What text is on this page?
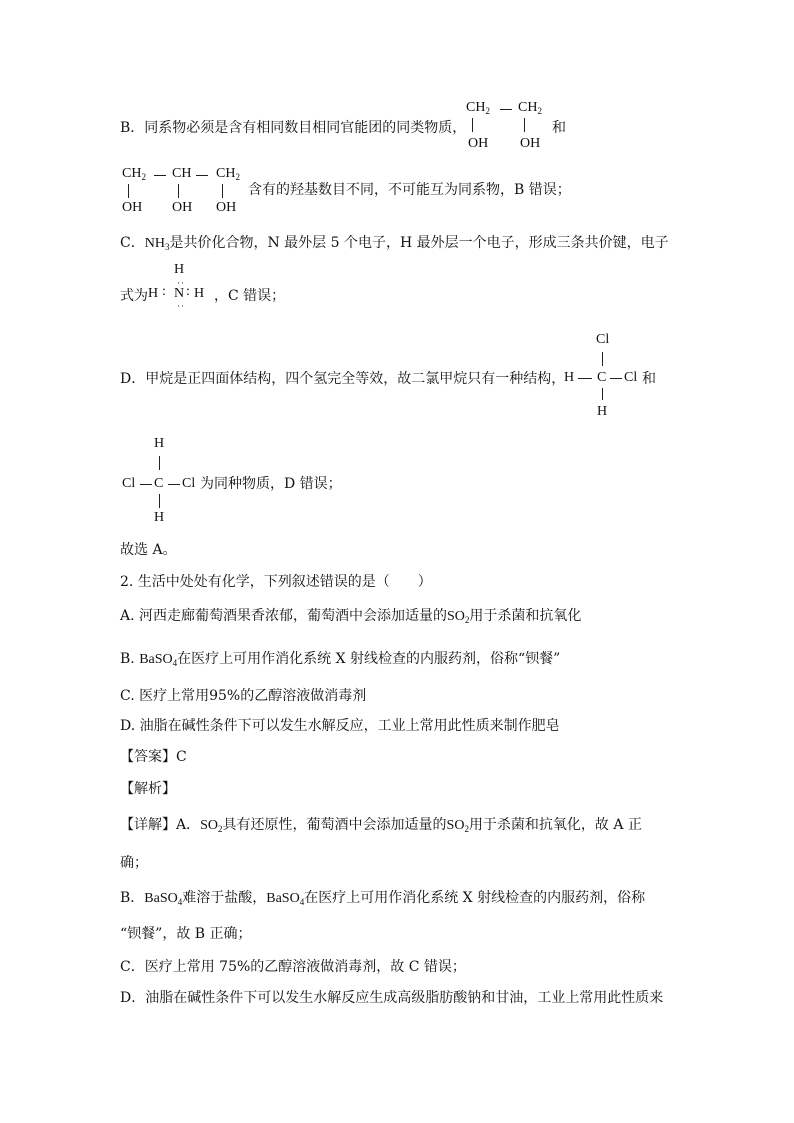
B．同系物必须是含有相同数目相同官能团的同类物质，
$CH_2$ $CH_2$
OH OH
和
$CH_2$ CH $CH_2$
OH OH OH
含有的羟基数目不同，不可能互为同系物，B 错误；
C．$NH_3$是共价化合物，N 最外层 5 个电子，H 最外层一个电子，形成三条共价键，电子
式为
H
··
H : N : H
··
，C 错误；
D．甲烷是正四面体结构，四个氢完全等效，故二氯甲烷只有一种结构，
Cl
H C Cl
H
和
H
Cl C Cl
H
为同种物质，D 错误；
故选 A。
2. 生活中处处有化学，下列叙述错误的是（　　）
A. 河西走廊葡萄酒果香浓郁，葡萄酒中会添加适量的$SO_2$用于杀菌和抗氧化
B. BaSO$_4$在医疗上可用作消化系统 X 射线检查的内服药剂，俗称“钡餐”
C. 医疗上常用95%的乙醇溶液做消毒剂
D. 油脂在碱性条件下可以发生水解反应，工业上常用此性质来制作肥皂
【答案】C
【解析】
【详解】A．$SO_2$具有还原性，葡萄酒中会添加适量的$SO_2$用于杀菌和抗氧化，故 A 正
确；
B．BaSO$_4$难溶于盐酸，BaSO$_4$在医疗上可用作消化系统 X 射线检查的内服药剂，俗称
“钡餐”，故 B 正确；
C．医疗上常用 75%的乙醇溶液做消毒剂，故 C 错误；
D．油脂在碱性条件下可以发生水解反应生成高级脂肪酸钠和甘油，工业上常用此性质来
